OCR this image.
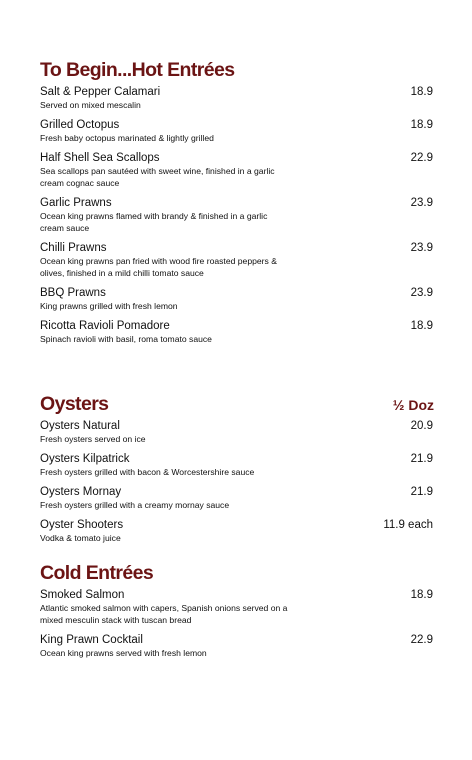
To Begin...Hot Entrées
Salt & Pepper Calamari	18.9
Served on mixed mescalin
Grilled Octopus	18.9
Fresh baby octopus marinated & lightly grilled
Half Shell Sea Scallops	22.9
Sea scallops pan sautéed with sweet wine, finished in a garlic cream cognac sauce
Garlic Prawns	23.9
Ocean king prawns flamed with brandy & finished in a garlic cream sauce
Chilli Prawns	23.9
Ocean king prawns pan fried with wood fire roasted peppers & olives, finished in a mild chilli tomato sauce
BBQ Prawns	23.9
King prawns grilled with fresh lemon
Ricotta Ravioli Pomadore	18.9
Spinach ravioli with basil, roma tomato sauce
Oysters	½ Doz
Oysters Natural	20.9
Fresh oysters served on ice
Oysters Kilpatrick	21.9
Fresh oysters grilled with bacon & Worcestershire sauce
Oysters Mornay	21.9
Fresh oysters grilled with a creamy mornay sauce
Oyster Shooters	11.9 each
Vodka & tomato juice
Cold Entrées
Smoked Salmon	18.9
Atlantic smoked salmon with capers, Spanish onions served on a mixed mesculin stack with tuscan bread
King Prawn Cocktail	22.9
Ocean king prawns served with fresh lemon
